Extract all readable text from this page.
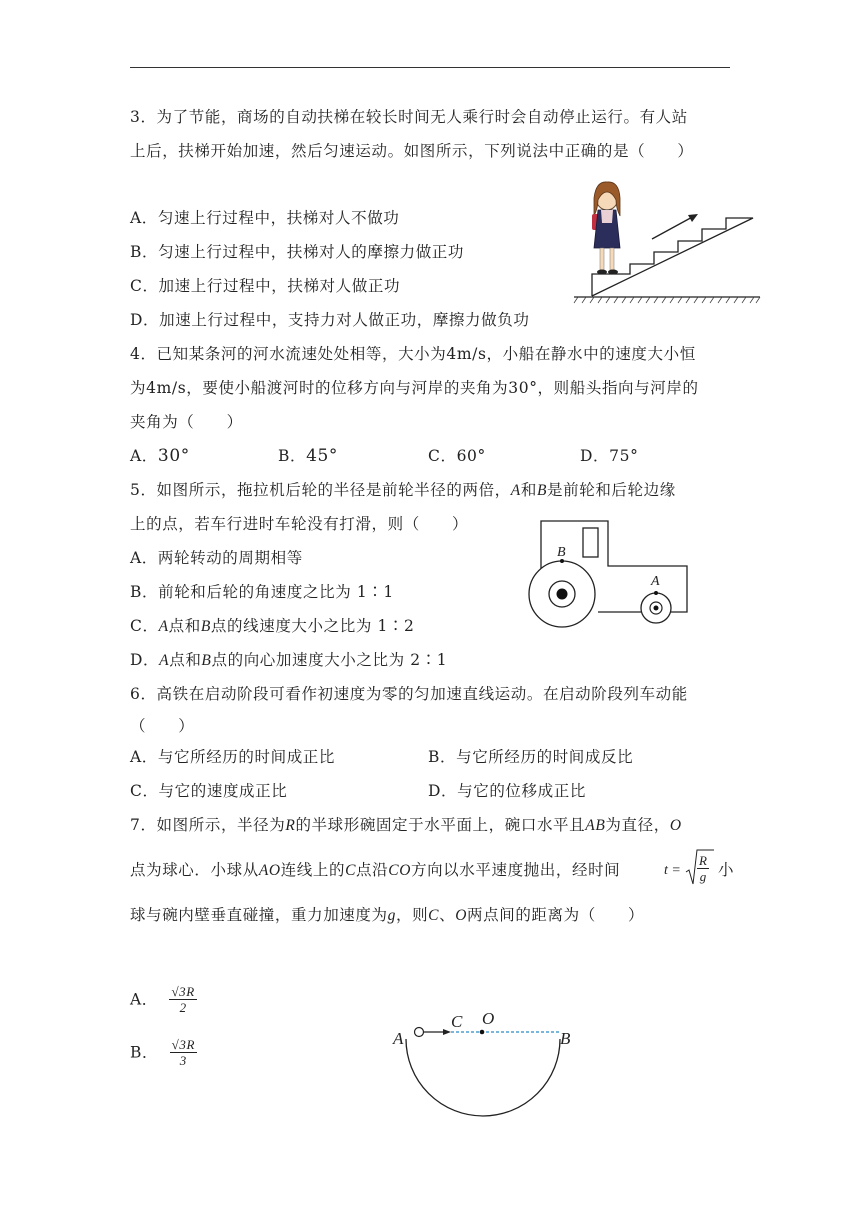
3．为了节能，商场的自动扶梯在较长时间无人乘行时会自动停止运行。有人站
上后，扶梯开始加速，然后匀速运动。如图所示，下列说法中正确的是（　　）
A．匀速上行过程中，扶梯对人不做功
B．匀速上行过程中，扶梯对人的摩擦力做正功
C．加速上行过程中，扶梯对人做正功
D．加速上行过程中，支持力对人做正功，摩擦力做负功
4．已知某条河的河水流速处处相等，大小为4m/s，小船在静水中的速度大小恒
为4m/s，要使小船渡河时的位移方向与河岸的夹角为30°，则船头指向与河岸的
夹角为（　　）
A．30°	B．45°	C．60°	D．75°
5．如图所示，拖拉机后轮的半径是前轮半径的两倍，A和B是前轮和后轮边缘
上的点，若车行进时车轮没有打滑，则（　　）
A．两轮转动的周期相等
B．前轮和后轮的角速度之比为 1∶1
C．A点和B点的线速度大小之比为 1∶2
D．A点和B点的向心加速度大小之比为 2∶1
B
A
6．高铁在启动阶段可看作初速度为零的匀加速直线运动。在启动阶段列车动能
（　　）
A．与它所经历的时间成正比	B．与它所经历的时间成反比
C．与它的速度成正比	D．与它的位移成正比
7．如图所示，半径为R的半球形碗固定于水平面上，碗口水平且AB为直径，O
点为球心．小球从AO连线上的C点沿CO方向以水平速度抛出，经时间	$t = \frac{R}{g}$ 小
球与碗内壁垂直碰撞，重力加速度为g，则C、O两点间的距离为（　　）
A． $\frac{√3R}{2}$
B． $\frac{√3R}{3}$	A
C O
B
